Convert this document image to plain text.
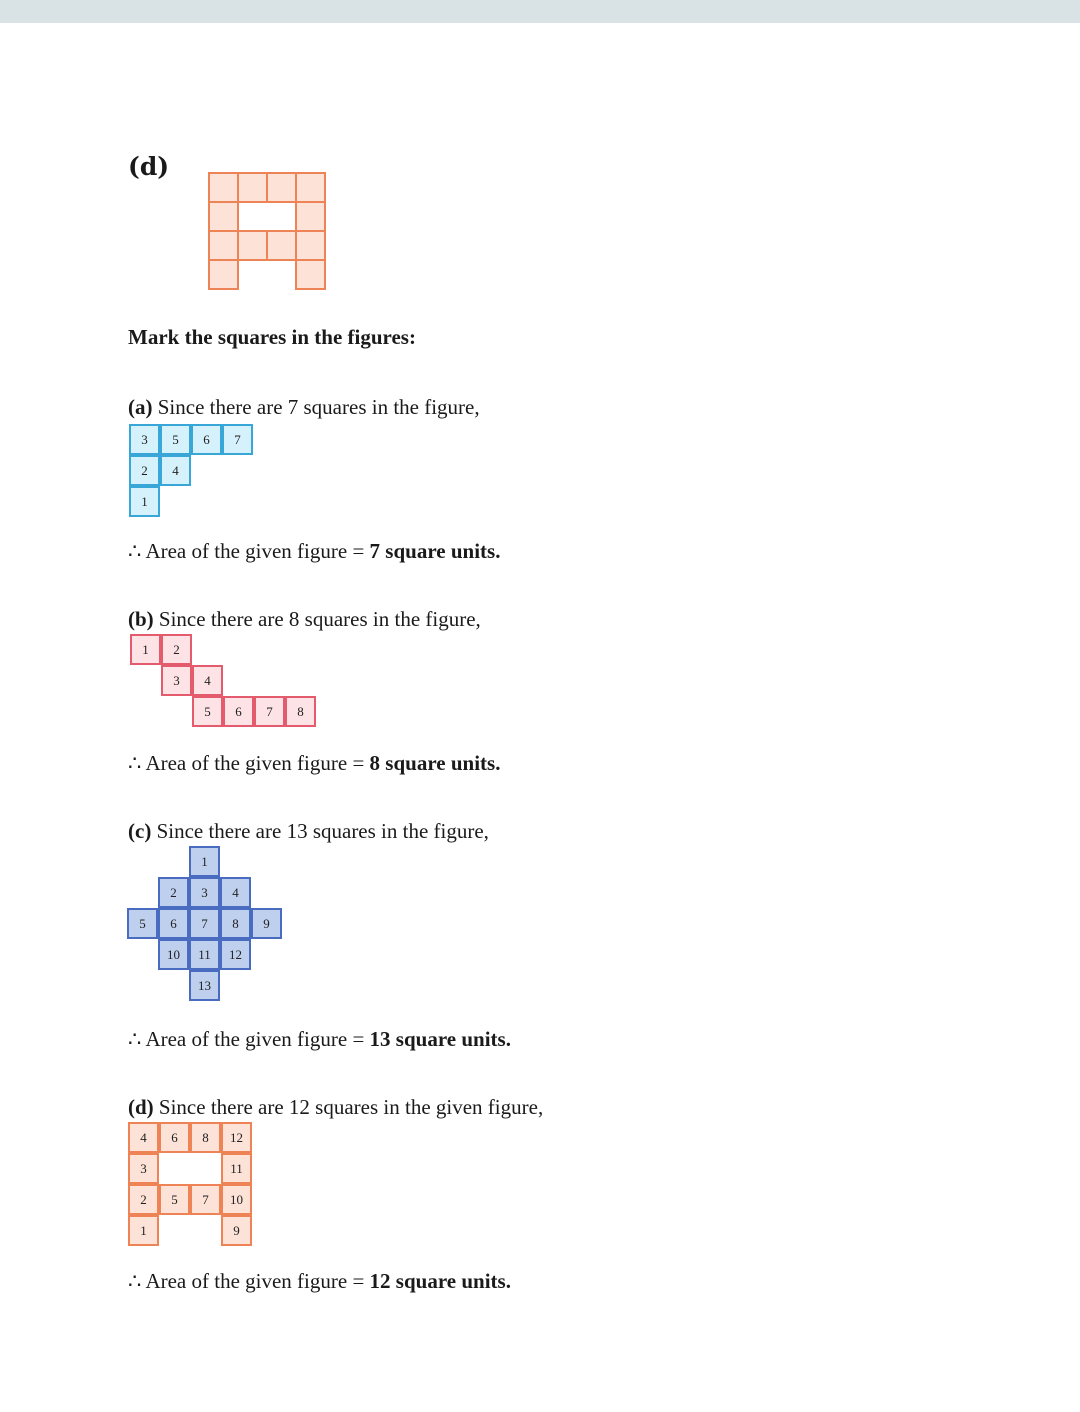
(d)
Mark the squares in the figures:
(a) Since there are 7 squares in the figure,
3	5	6	7
2	4
1
∴ Area of the given figure = 7 square units.
(b) Since there are 8 squares in the figure,
1	2
3	4
5	6	7	8
∴ Area of the given figure = 8 square units.
(c) Since there are 13 squares in the figure,
1
2	3	4
5	6	7	8	9
10	11	12
13
∴ Area of the given figure = 13 square units.
(d) Since there are 12 squares in the given figure,
4	6	8	12
3	11
2	5	7	10
1	9
∴ Area of the given figure = 12 square units.
